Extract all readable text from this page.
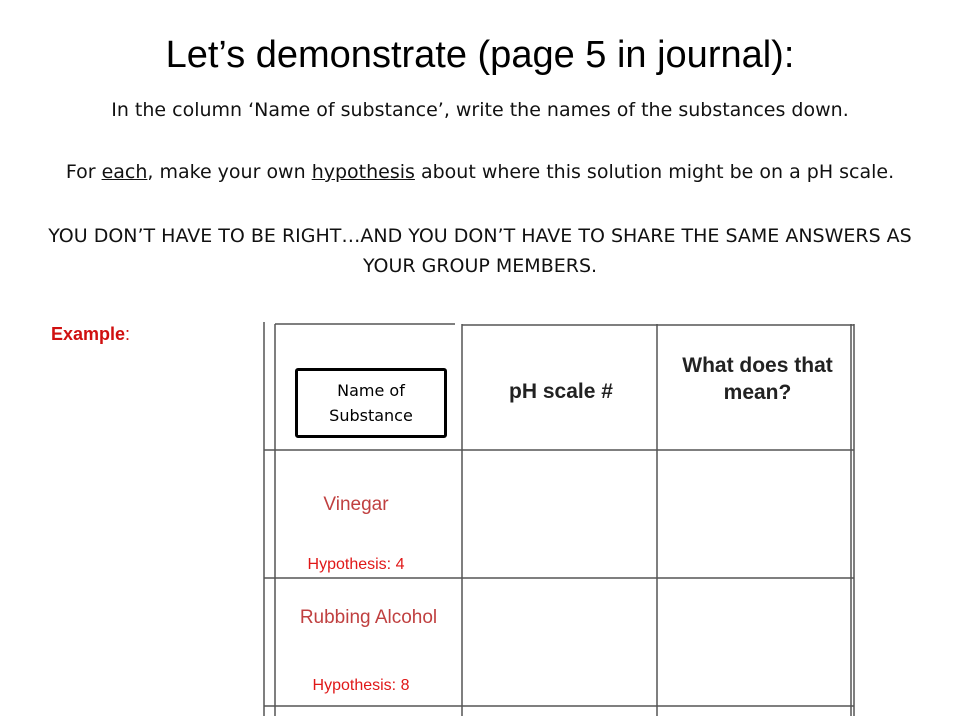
Let’s demonstrate (page 5 in journal):
In the column ‘Name of substance’, write the names of the substances down.
For each, make your own hypothesis about where this solution might be on a pH scale.
YOU DON’T HAVE TO BE RIGHT…AND YOU DON’T HAVE TO SHARE THE SAME ANSWERS AS YOUR GROUP MEMBERS.
Example:
Name of Substance
pH scale #
What does that mean?
Vinegar
Hypothesis: 4
Rubbing Alcohol
Hypothesis: 8
